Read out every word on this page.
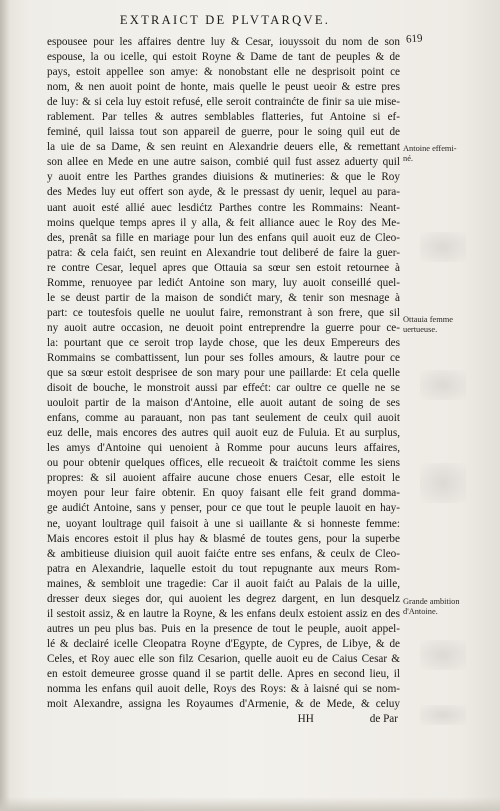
EXTRAICT DE PLVTARQVE.
619
espousee pour les affaires dentre luy & Cesar, iouyssoit du nom de son
espouse, la ou icelle, qui estoit Royne & Dame de tant de peuples & de
pays, estoit appellee son amye: & nonobstant elle ne desprisoit point ce
nom, & nen auoit point de honte, mais quelle le peust ueoir & estre pres
de luy: & si cela luy estoit refusé, elle seroit contrainćte de finir sa uie mise-
rablement. Par telles & autres semblables flatteries, fut Antoine si ef-
feminé, quil laissa tout son appareil de guerre, pour le soing quil eut de
la uie de sa Dame, & sen reuint en Alexandrie deuers elle, & remettant
son allee en Mede en une autre saison, combié quil fust assez aduerty quil
y auoit entre les Parthes grandes diuisions & mutineries: & que le Roy
des Medes luy eut offert son ayde, & le pressast dy uenir, lequel au para-
uant auoit esté allié auec lesdićtz Parthes contre les Rommains: Neant-
moins quelque temps apres il y alla, & feit alliance auec le Roy des Me-
des, prenât sa fille en mariage pour lun des enfans quil auoit euz de Cleo-
patra: & cela faićt, sen reuint en Alexandrie tout deliberé de faire la guer-
re contre Cesar, lequel apres que Ottauia sa sœur sen estoit retournee à
Romme, renuoyee par ledićt Antoine son mary, luy auoit conseillé quel-
le se deust partir de la maison de sondićt mary, & tenir son mesnage à
part: ce toutesfois quelle ne uoulut faire, remonstrant à son frere, que sil
ny auoit autre occasion, ne deuoit point entreprendre la guerre pour ce-
la: pourtant que ce seroit trop layde chose, que les deux Empereurs des
Rommains se combattissent, lun pour ses folles amours, & lautre pour ce
que sa sœur estoit desprisee de son mary pour une paillarde: Et cela quelle
disoit de bouche, le monstroit aussi par effećt: car oultre ce quelle ne se
uouloit partir de la maison d'Antoine, elle auoit autant de soing de ses
enfans, comme au parauant, non pas tant seulement de ceulx quil auoit
euz delle, mais encores des autres quil auoit euz de Fuluia. Et au surplus,
les amys d'Antoine qui uenoient à Romme pour aucuns leurs affaires,
ou pour obtenir quelques offices, elle recueoit & traićtoit comme les siens
propres: & sil auoient affaire aucune chose enuers Cesar, elle estoit le
moyen pour leur faire obtenir. En quoy faisant elle feit grand domma-
ge audićt Antoine, sans y penser, pour ce que tout le peuple lauoit en hay-
ne, uoyant loultrage quil faisoit à une si uaillante & si honneste femme:
Mais encores estoit il plus hay & blasmé de toutes gens, pour la superbe
& ambitieuse diuision quil auoit faićte entre ses enfans, & ceulx de Cleo-
patra en Alexandrie, laquelle estoit du tout repugnante aux meurs Rom-
maines, & sembloit une tragedie: Car il auoit faićt au Palais de la uille,
dresser deux sieges dor, qui auoient les degrez dargent, en lun desquelz
il sestoit assiz, & en lautre la Royne, & les enfans deulx estoient assiz en des
autres un peu plus bas. Puis en la presence de tout le peuple, auoit appel-
lé & declairé icelle Cleopatra Royne d'Egypte, de Cypres, de Libye, & de
Celes, et Roy auec elle son filz Cesarion, quelle auoit eu de Caius Cesar &
en estoit demeuree grosse quand il se partit delle. Apres en second lieu, il
nomma les enfans quil auoit delle, Roys des Roys: & à laisné qui se nom-
moit Alexandre, assigna les Royaumes d'Armenie, & de Mede, & celuy
HH                    de Par
Antoine effemi-
né.
Ottauia femme
uertueuse.
Grande ambition
d'Antoine.
